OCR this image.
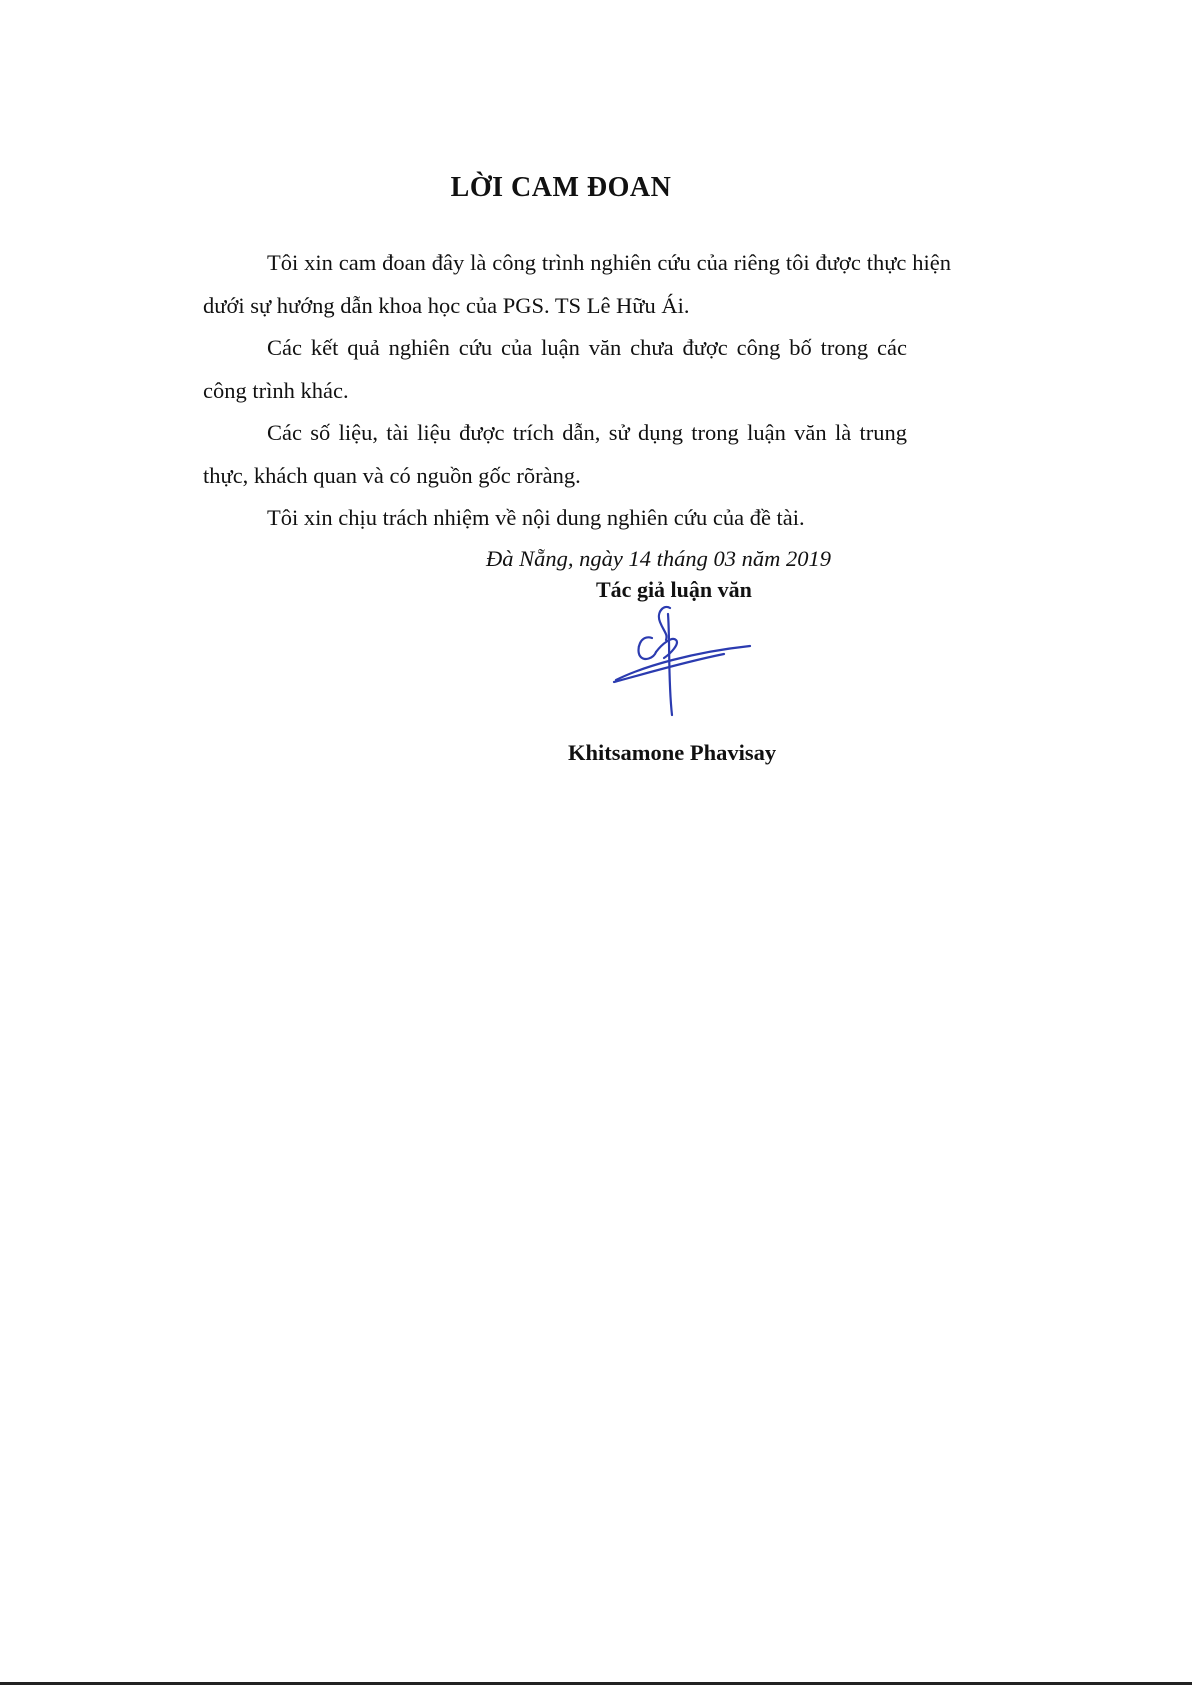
LỜI CAM ĐOAN

Tôi xin cam đoan đây là công trình nghiên cứu của riêng tôi được thực hiện dưới sự hướng dẫn khoa học của PGS. TS Lê Hữu Ái.

Các kết quả nghiên cứu của luận văn chưa được công bố trong các công trình khác.

Các số liệu, tài liệu được trích dẫn, sử dụng trong luận văn là trung thực, khách quan và có nguồn gốc rõràng.

Tôi xin chịu trách nhiệm về nội dung nghiên cứu của đề tài.

Đà Nẵng, ngày 14 tháng 03 năm 2019
Tác giả luận văn
Khitsamone Phavisay
